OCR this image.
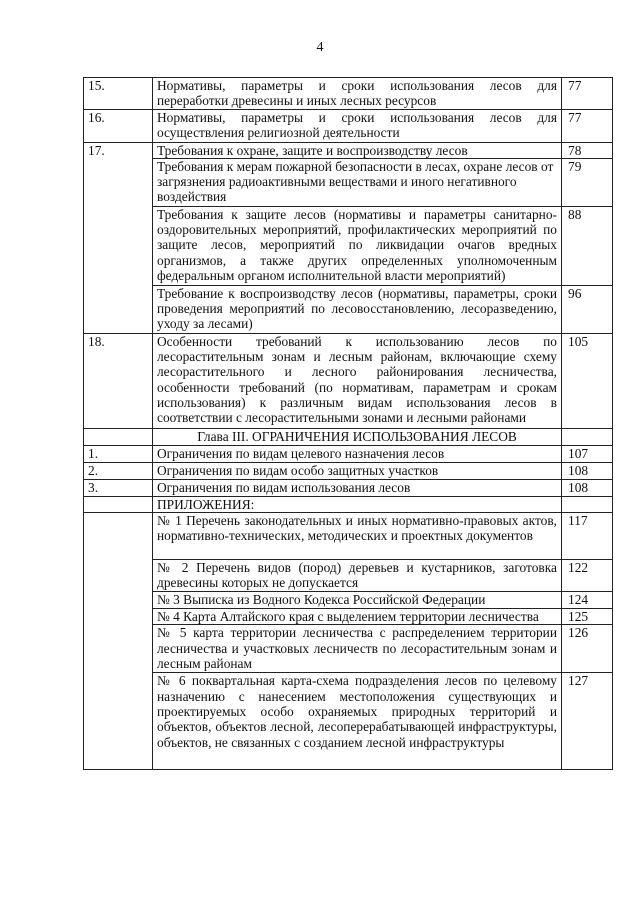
4
15.	Нормативы, параметры и сроки использования лесов для переработки древесины и иных лесных ресурсов	77
16.	Нормативы, параметры и сроки использования лесов для осуществления религиозной деятельности	77
17.	Требования к охране, защите и воспроизводству лесов	78
	Требования к мерам пожарной безопасности в лесах, охране лесов от загрязнения радиоактивными веществами и иного негативного воздействия	79
	Требования к защите лесов (нормативы и параметры санитарно-оздоровительных мероприятий, профилактических мероприятий по защите лесов, мероприятий по ликвидации очагов вредных организмов, а также других определенных уполномоченным федеральным органом исполнительной власти мероприятий)	88
	Требование к воспроизводству лесов (нормативы, параметры, сроки проведения мероприятий по лесовосстановлению, лесоразведению, уходу за лесами)	96
18.	Особенности требований к использованию лесов по лесорастительным зонам и лесным районам, включающие схему лесорастительного и лесного районирования лесничества, особенности требований (по нормативам, параметрам и срокам использования) к различным видам использования лесов в соответствии с лесорастительными зонами и лесными районами	105
	Глава III. ОГРАНИЧЕНИЯ ИСПОЛЬЗОВАНИЯ ЛЕСОВ	
1.	Ограничения по видам целевого назначения лесов	107
2.	Ограничения по видам особо защитных участков	108
3.	Ограничения по видам использования лесов	108
	ПРИЛОЖЕНИЯ:	
	№ 1 Перечень законодательных и иных нормативно-правовых актов, нормативно-технических, методических и проектных документов	117
	№ 2 Перечень видов (пород) деревьев и кустарников, заготовка древесины которых не допускается	122
	№ 3 Выписка из Водного Кодекса Российской Федерации	124
	№ 4 Карта Алтайского края с выделением территории лесничества	125
	№ 5 карта территории лесничества с распределением территории лесничества и участковых лесничеств по лесорастительным зонам и лесным районам	126
	№ 6 поквартальная карта-схема подразделения лесов по целевому назначению с нанесением местоположения существующих и проектируемых особо охраняемых природных территорий и объектов, объектов лесной, лесоперерабатывающей инфраструктуры, объектов, не связанных с созданием лесной инфраструктуры	127
